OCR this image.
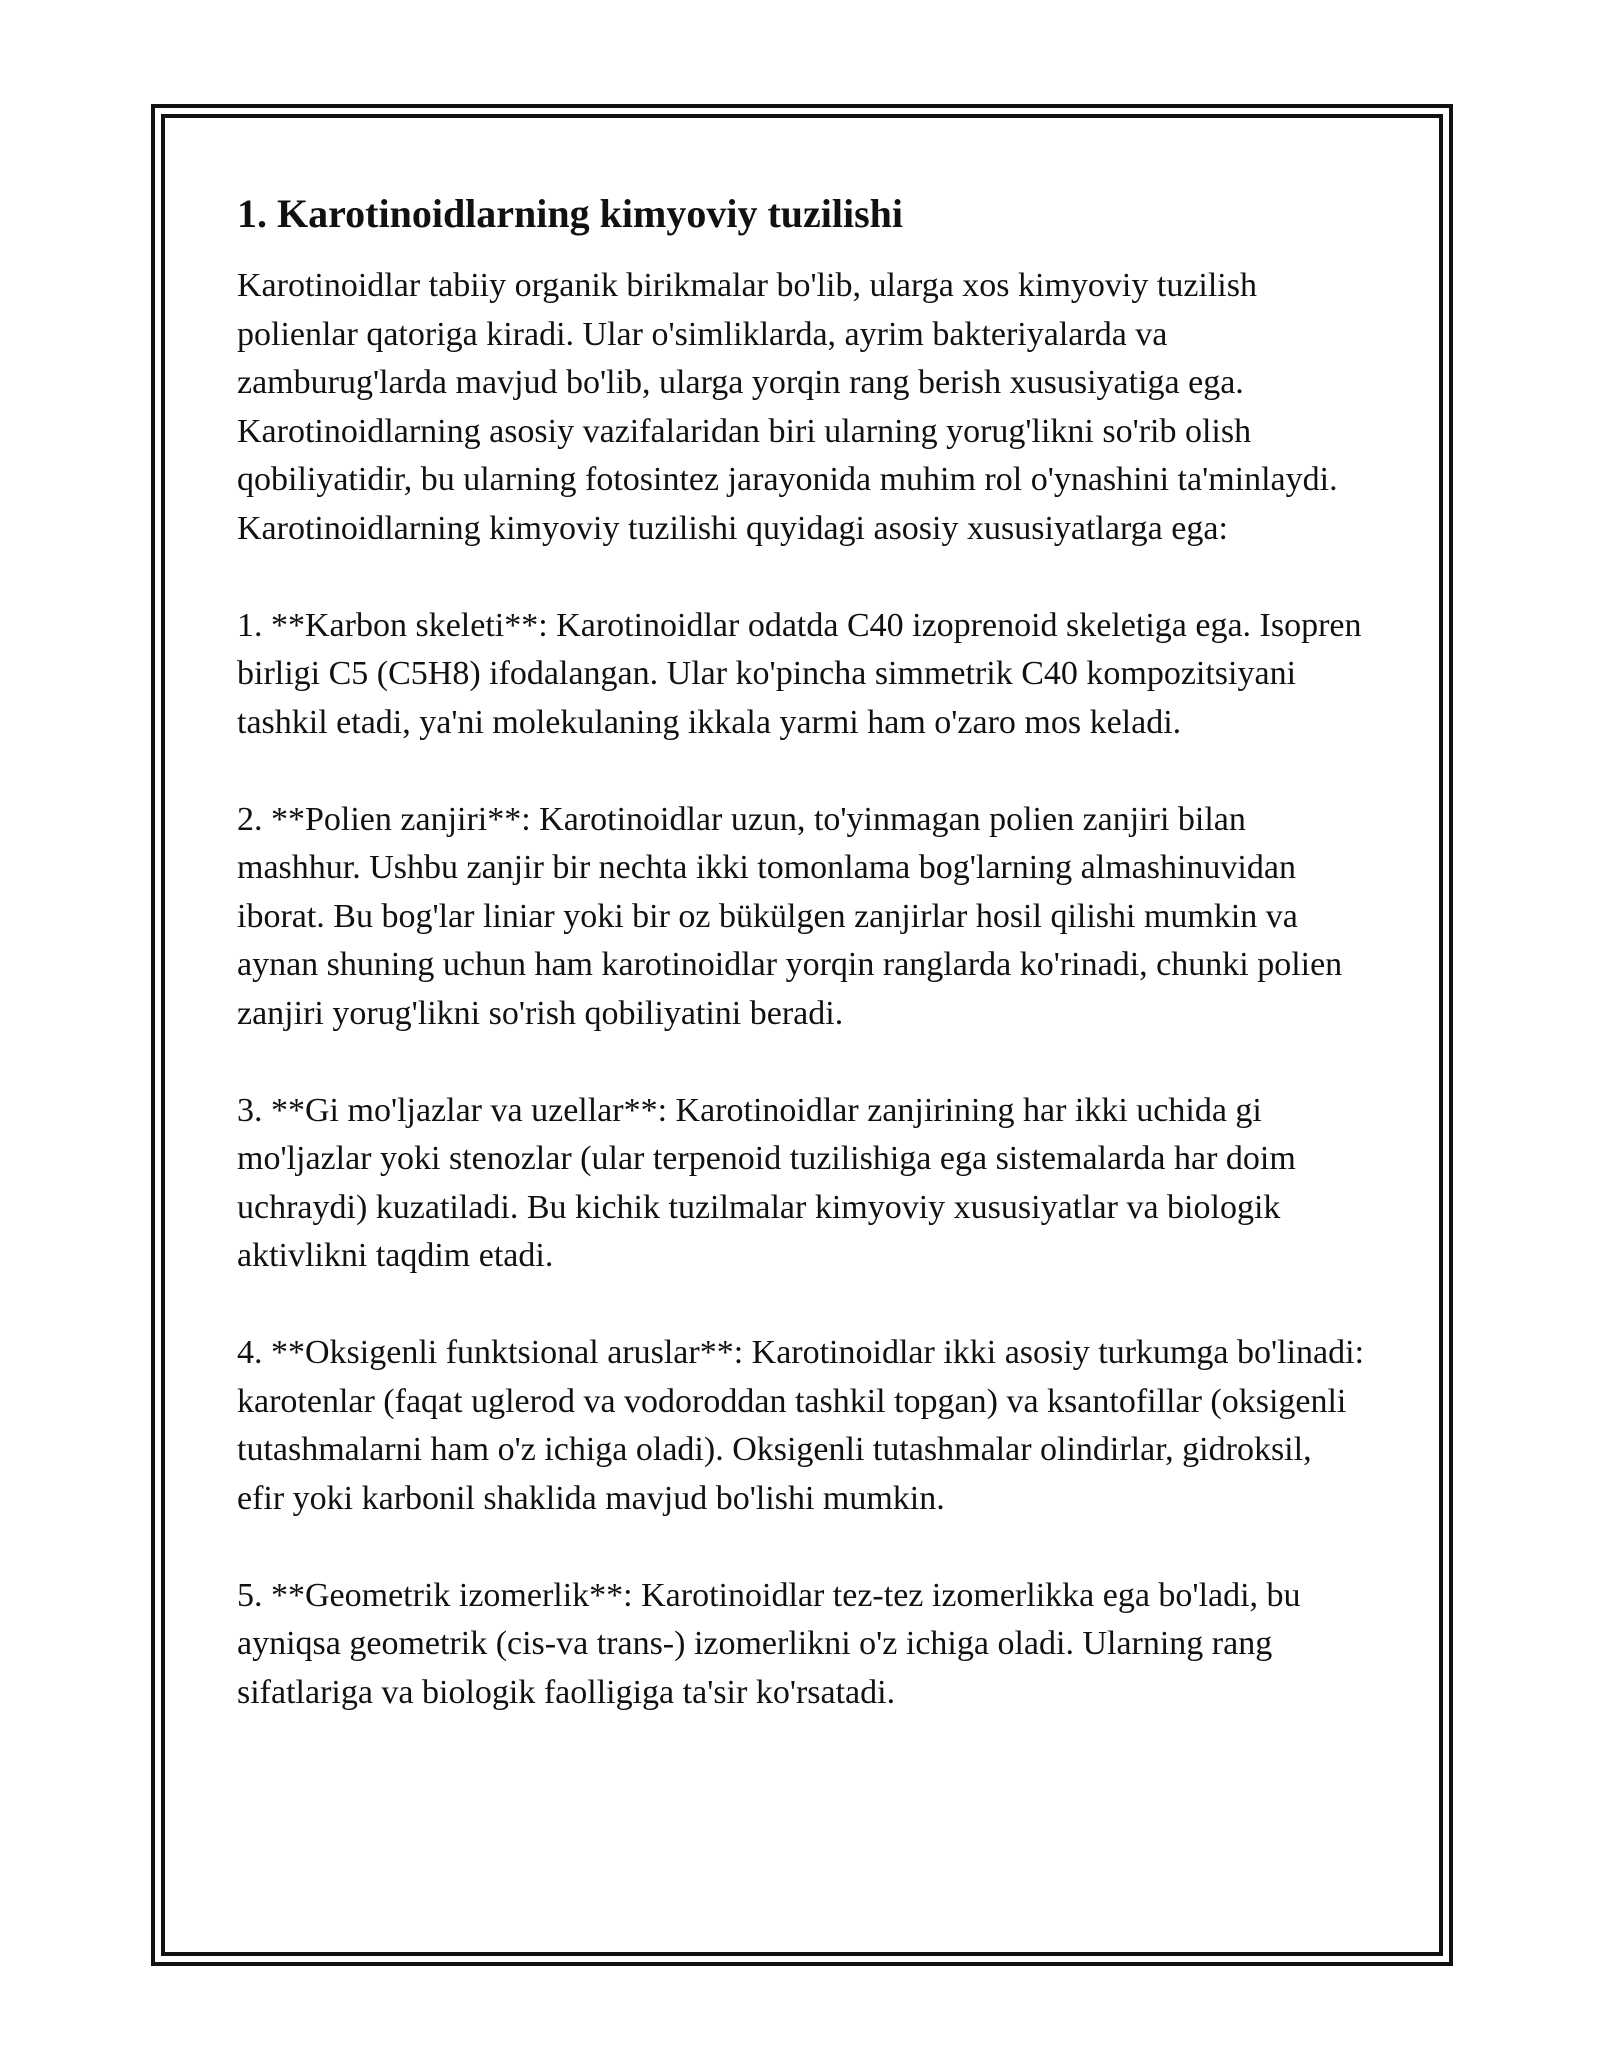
1. Karotinoidlarning kimyoviy tuzilishi

Karotinoidlar tabiiy organik birikmalar bo'lib, ularga xos kimyoviy tuzilish polienlar qatoriga kiradi. Ular o'simliklarda, ayrim bakteriyalarda va zamburug'larda mavjud bo'lib, ularga yorqin rang berish xususiyatiga ega. Karotinoidlarning asosiy vazifalaridan biri ularning yorug'likni so'rib olish qobiliyatidir, bu ularning fotosintez jarayonida muhim rol o'ynashini ta'minlaydi. Karotinoidlarning kimyoviy tuzilishi quyidagi asosiy xususiyatlarga ega:

1. **Karbon skeleti**: Karotinoidlar odatda C40 izoprenoid skeletiga ega. Isopren birligi C5 (C5H8) ifodalangan. Ular ko'pincha simmetrik C40 kompozitsiyani tashkil etadi, ya'ni molekulaning ikkala yarmi ham o'zaro mos keladi.

2. **Polien zanjiri**: Karotinoidlar uzun, to'yinmagan polien zanjiri bilan mashhur. Ushbu zanjir bir nechta ikki tomonlama bog'larning almashinuvidan iborat. Bu bog'lar liniar yoki bir oz bükülgen zanjirlar hosil qilishi mumkin va aynan shuning uchun ham karotinoidlar yorqin ranglarda ko'rinadi, chunki polien zanjiri yorug'likni so'rish qobiliyatini beradi.

3. **Gi mo'ljazlar va uzellar**: Karotinoidlar zanjirining har ikki uchida gi mo'ljazlar yoki stenozlar (ular terpenoid tuzilishiga ega sistemalarda har doim uchraydi) kuzatiladi. Bu kichik tuzilmalar kimyoviy xususiyatlar va biologik aktivlikni taqdim etadi.

4. **Oksigenli funktsional aruslar**: Karotinoidlar ikki asosiy turkumga bo'linadi: karotenlar (faqat uglerod va vodoroddan tashkil topgan) va ksantofillar (oksigenli tutashmalarni ham o'z ichiga oladi). Oksigenli tutashmalar olindirlar, gidroksil, efir yoki karbonil shaklida mavjud bo'lishi mumkin.

5. **Geometrik izomerlik**: Karotinoidlar tez-tez izomerlikka ega bo'ladi, bu ayniqsa geometrik (cis-va trans-) izomerlikni o'z ichiga oladi. Ularning rang sifatlariga va biologik faolligiga ta'sir ko'rsatadi.
